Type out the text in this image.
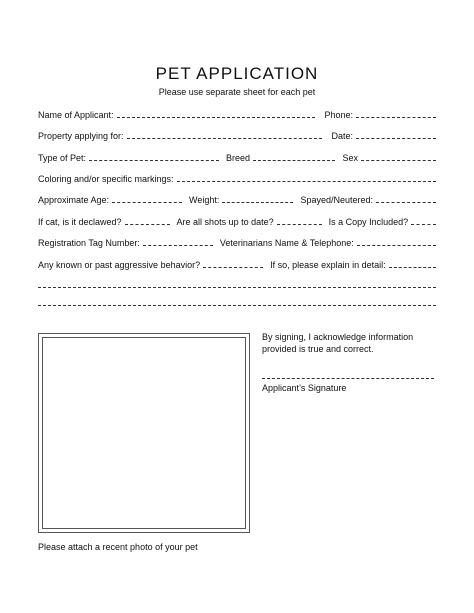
PET APPLICATION
Please use separate sheet for each pet
Name of Applicant:	Phone:
Property applying for:	Date:
Type of Pet:	Breed	Sex
Coloring and/or specific markings:
Approximate Age:	Weight:	Spayed/Neutered:
If cat, is it declawed?	Are all shots up to date?	Is a Copy Included?
Registration Tag Number:	Veterinarians Name & Telephone:
Any known or past aggressive behavior?	If so, please explain in detail:
By signing, I acknowledge information provided is true and correct.
Applicant’s Signature
Please attach a recent photo of your pet
